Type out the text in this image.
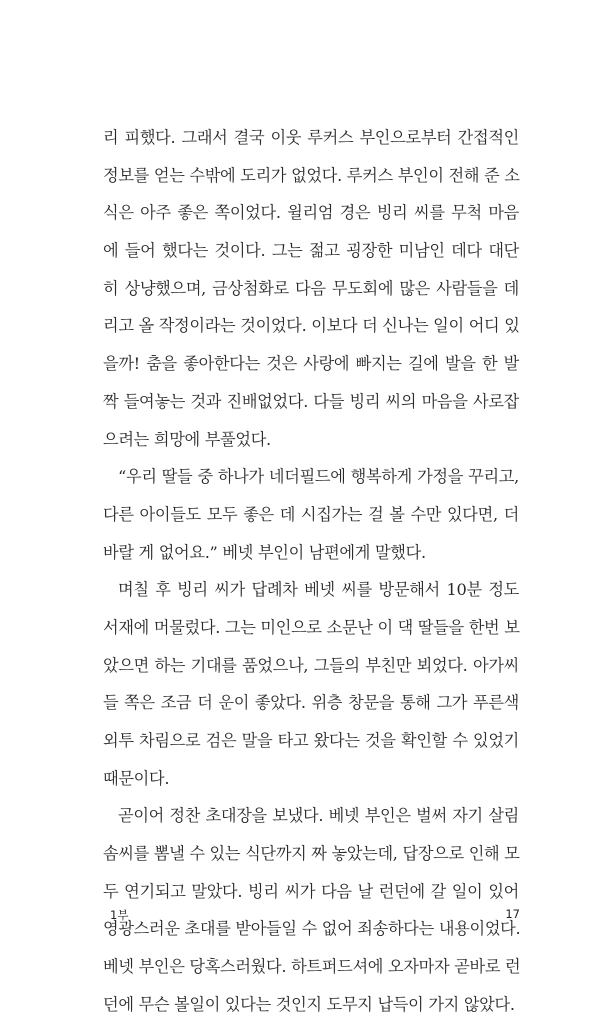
리 피했다. 그래서 결국 이웃 루커스 부인으로부터 간접적인
정보를 얻는 수밖에 도리가 없었다. 루커스 부인이 전해 준 소
식은 아주 좋은 쪽이었다. 윌리엄 경은 빙리 씨를 무척 마음
에 들어 했다는 것이다. 그는 젊고 굉장한 미남인 데다 대단
히 상냥했으며, 금상첨화로 다음 무도회에 많은 사람들을 데
리고 올 작정이라는 것이었다. 이보다 더 신나는 일이 어디 있
을까! 춤을 좋아한다는 것은 사랑에 빠지는 길에 발을 한 발
짝 들여놓는 것과 진배없었다. 다들 빙리 씨의 마음을 사로잡
으려는 희망에 부풀었다.
“우리 딸들 중 하나가 네더필드에 행복하게 가정을 꾸리고,
다른 아이들도 모두 좋은 데 시집가는 걸 볼 수만 있다면, 더
바랄 게 없어요.” 베넷 부인이 남편에게 말했다.
며칠 후 빙리 씨가 답례차 베넷 씨를 방문해서 10분 정도
서재에 머물렀다. 그는 미인으로 소문난 이 댁 딸들을 한번 보
았으면 하는 기대를 품었으나, 그들의 부친만 뵈었다. 아가씨
들 쪽은 조금 더 운이 좋았다. 위층 창문을 통해 그가 푸른색
외투 차림으로 검은 말을 타고 왔다는 것을 확인할 수 있었기
때문이다.
곧이어 정찬 초대장을 보냈다. 베넷 부인은 벌써 자기 살림
솜씨를 뽐낼 수 있는 식단까지 짜 놓았는데, 답장으로 인해 모
두 연기되고 말았다. 빙리 씨가 다음 날 런던에 갈 일이 있어
영광스러운 초대를 받아들일 수 없어 죄송하다는 내용이었다.
베넷 부인은 당혹스러웠다. 하트퍼드셔에 오자마자 곧바로 런
던에 무슨 볼일이 있다는 것인지 도무지 납득이 가지 않았다.
1부	17
